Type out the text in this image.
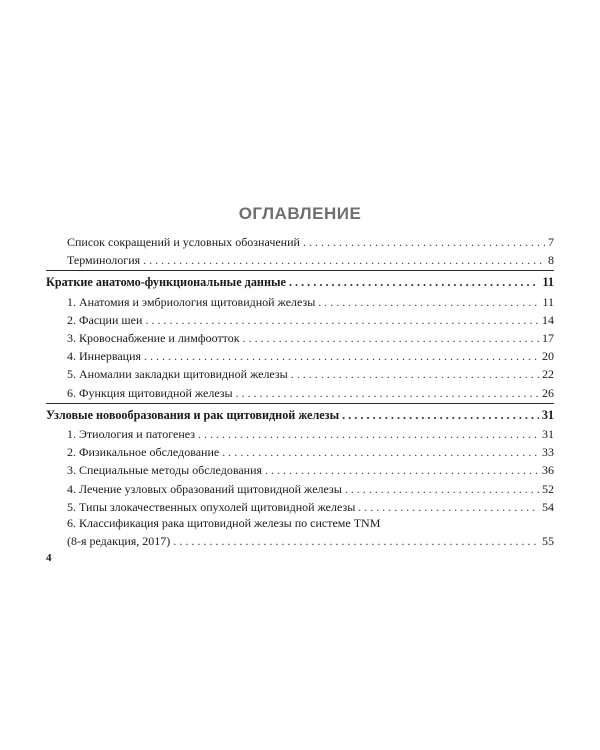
ОГЛАВЛЕНИЕ
Список сокращений и условных обозначений . . .	7
Терминология . . .	8
Краткие анатомо-функциональные данные . . .	11
1. Анатомия и эмбриология щитовидной железы . . .	11
2. Фасции шеи . . .	14
3. Кровоснабжение и лимфоотток . . .	17
4. Иннервация . . .	20
5. Аномалии закладки щитовидной железы . . .	22
6. Функция щитовидной железы . . .	26
Узловые новообразования и рак щитовидной железы . . .	31
1. Этиология и патогенез . . .	31
2. Физикальное обследование . . .	33
3. Специальные методы обследования . . .	36
4. Лечение узловых образований щитовидной железы . . .	52
5. Типы злокачественных опухолей щитовидной железы . . .	54
6. Классификация рака щитовидной железы по системе TNM
(8-я редакция, 2017) . . .	55
4
